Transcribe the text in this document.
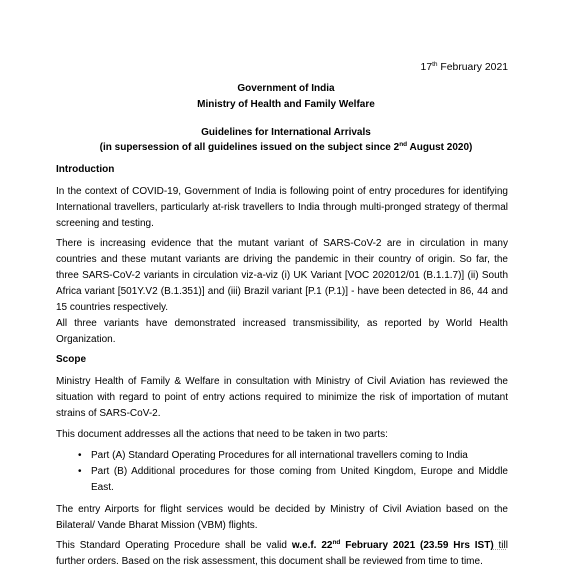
17th February 2021
Government of India
Ministry of Health and Family Welfare
Guidelines for International Arrivals
(in supersession of all guidelines issued on the subject since 2nd August 2020)
Introduction
In the context of COVID-19, Government of India is following point of entry procedures for identifying International travellers, particularly at-risk travellers to India through multi-pronged strategy of thermal screening and testing.
There is increasing evidence that the mutant variant of SARS-CoV-2 are in circulation in many countries and these mutant variants are driving the pandemic in their country of origin. So far, the three SARS-CoV-2 variants in circulation viz-a-viz (i) UK Variant [VOC 202012/01 (B.1.1.7)] (ii) South Africa variant [501Y.V2 (B.1.351)] and (iii) Brazil variant [P.1 (P.1)] - have been detected in 86, 44 and 15 countries respectively.
All three variants have demonstrated increased transmissibility, as reported by World Health Organization.
Scope
Ministry Health of Family & Welfare in consultation with Ministry of Civil Aviation has reviewed the situation with regard to point of entry actions required to minimize the risk of importation of mutant strains of SARS-CoV-2.
This document addresses all the actions that need to be taken in two parts:
• Part (A) Standard Operating Procedures for all international travellers coming to India
• Part (B) Additional procedures for those coming from United Kingdom, Europe and Middle East.
The entry Airports for flight services would be decided by Ministry of Civil Aviation based on the Bilateral/ Vande Bharat Mission (VBM) flights.
This Standard Operating Procedure shall be valid w.e.f. 22nd February 2021 (23.59 Hrs IST) till further orders. Based on the risk assessment, this document shall be reviewed from time to time.
